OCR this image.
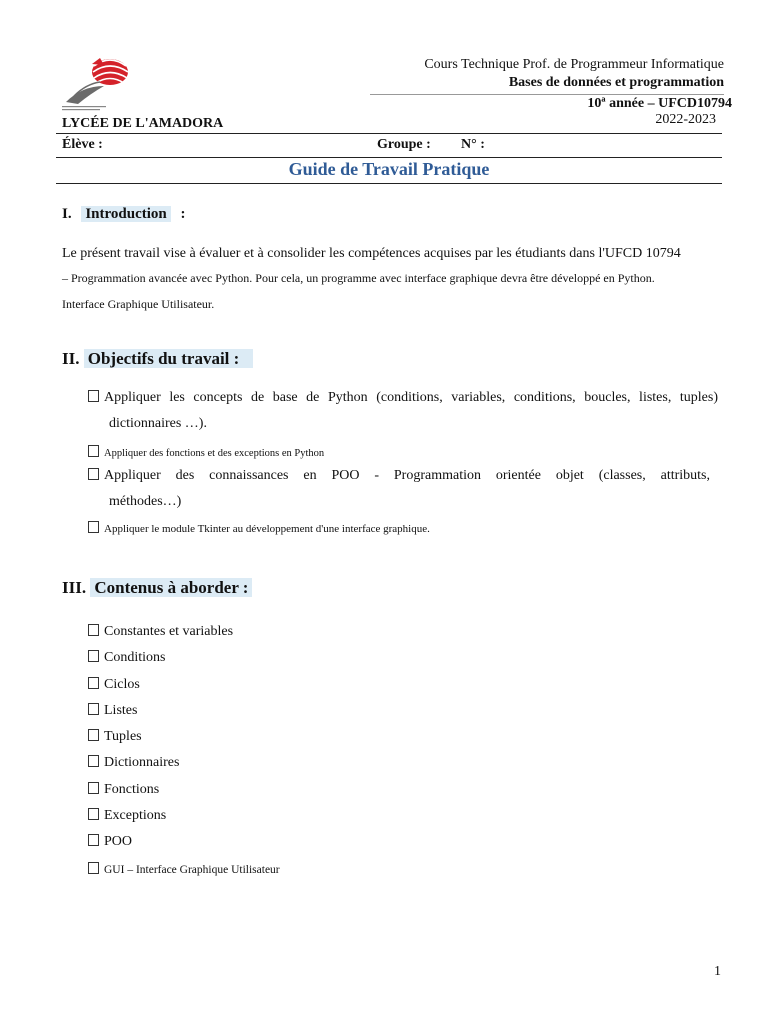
Cours Technique Prof. de Programmeur Informatique
Bases de données et programmation
10ª année – UFCD10794
2022-2023
LYCÉE DE L'AMADORA
Élève :	Groupe : N° :
Guide de Travail Pratique
I. Introduction :
Le présent travail vise à évaluer et à consolider les compétences acquises par les étudiants dans l'UFCD 10794
– Programmation avancée avec Python. Pour cela, un programme avec interface graphique devra être développé en Python.
Interface Graphique Utilisateur.
II. Objectifs du travail :
Appliquer les concepts de base de Python (conditions, variables, conditions, boucles, listes, tuples)
dictionnaires …).
Appliquer des fonctions et des exceptions en Python
Appliquer des connaissances en POO - Programmation orientée objet (classes, attributs,
méthodes…)
Appliquer le module Tkinter au développement d'une interface graphique.
III. Contenus à aborder :
Constantes et variables
Conditions
Ciclos
Listes
Tuples
Dictionnaires
Fonctions
Exceptions
POO
GUI – Interface Graphique Utilisateur
1
